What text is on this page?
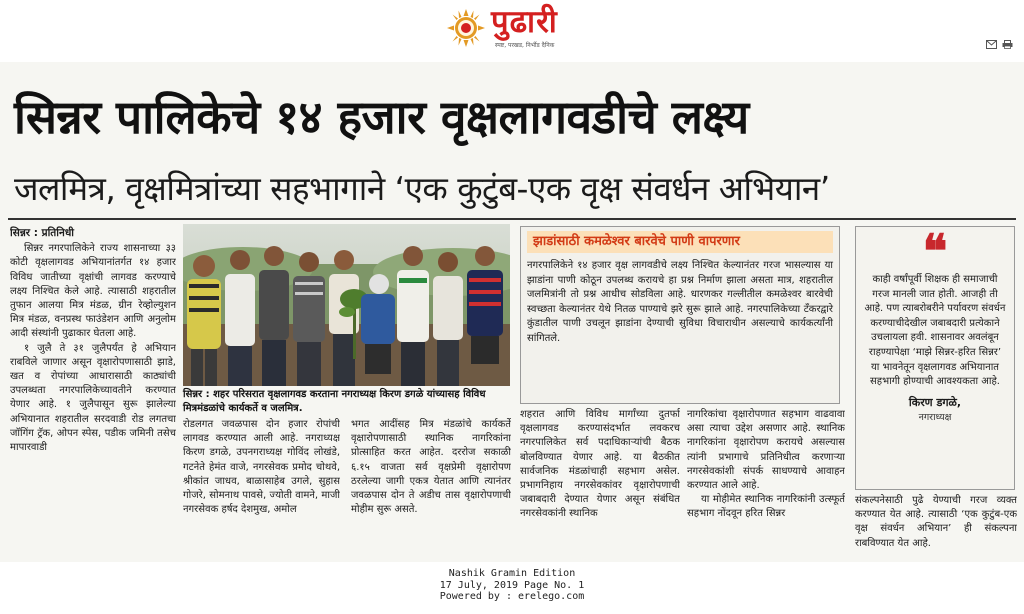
पुढारी
स्पष्ट, परखड, निर्भीड दैनिक
सिन्नर पालिकेचे १४ हजार वृक्षलागवडीचे लक्ष्य
जलमित्र, वृक्षमित्रांच्या सहभागाने ‘एक कुटुंब-एक वृक्ष संवर्धन अभियान’
सिन्नर : प्रतिनिधी

सिन्नर नगरपालिकेने राज्य शासनाच्या ३३ कोटी वृक्षलागवड अभियानांतर्गत १४ हजार विविध जातीच्या वृक्षांची लागवड करण्याचे लक्ष्य निश्चित केले आहे. त्यासाठी शहरातील तुफान आलया मित्र मंडळ, ग्रीन रेव्होल्युशन मित्र मंडळ, वनप्रस्थ फाउंडेशन आणि अनुलोम आदी संस्थांनी पुढाकार घेतला आहे.

१ जुलै ते ३१ जुलैपर्यंत हे अभियान राबविले जाणार असून वृक्षारोपणासाठी झाडे, खत व रोपांच्या आधारासाठी काठ्यांची उपलब्धता नगरपालिकेच्यावतीने करण्यात येणार आहे. १ जुलैपासून सुरू झालेल्या अभियानात शहरातील सरदवाडी रोड लगतचा जॉगिंग ट्रॅक, ओपन स्पेस, पडीक जमिनी तसेच मापारवाडी

सिन्नर : शहर परिसरात वृक्षलागवड करताना नगराध्यक्ष किरण डगळे यांच्यासह विविध मित्रमंडळांचे कार्यकर्ते व जलमित्र.

रोडलगत जवळपास दोन हजार रोपांची लागवड करण्यात आली आहे. नगराध्यक्ष किरण डगळे, उपनगराध्यक्ष गोविंद लोखंडे, गटनेते हेमंत वाजे, नगरसेवक प्रमोद चोथवे, श्रीकांत जाधव, बाळासाहेब उगले, सुहास गोजरे, सोमनाथ पावसे, ज्योती वामने, माजी नगरसेवक हर्षद देशमुख, अमोल

भगत आदींसह मित्र मंडळांचे कार्यकर्ते वृक्षारोपणासाठी स्थानिक नागरिकांना प्रोत्साहित करत आहेत. दररोज सकाळी ६.१५ वाजता सर्व वृक्षप्रेमी वृक्षारोपण ठरलेल्या जागी एकत्र येतात आणि त्यानंतर जवळपास दोन ते अडीच तास वृक्षारोपणाची मोहीम सुरू असते.

झाडांसाठी कमळेश्वर बारवेचे पाणी वापरणार
नगरपालिकेने १४ हजार वृक्ष लागवडीचे लक्ष्य निश्चित केल्यानंतर गरज भासल्यास या झाडांना पाणी कोठून उपलब्ध करायचे हा प्रश्न निर्माण झाला असता मात्र, शहरातील जलमित्रांनी तो प्रश्न आधीच सोडविला आहे. धारणकर गल्लीतील कमळेश्वर बारवेची स्वच्छता केल्यानंतर येथे नितळ पाण्याचे झरे सुरू झाले आहे. नगरपालिकेच्या टॅंकरद्वारे कुंडातील पाणी उचलून झाडांना देण्याची सुविधा विचाराधीन असल्याचे कार्यकर्त्यांनी सांगितले.

शहरात आणि विविध मार्गांच्या दुतर्फा वृक्षलागवड करण्यासंदर्भात लवकरच नगरपालिकेत सर्व पदाधिकाऱ्यांची बैठक बोलविण्यात येणार आहे. या बैठकीत सार्वजनिक मंडळांचाही सहभाग असेल. प्रभागनिहाय नगरसेवकांवर वृक्षारोपणाची जबाबदारी देण्यात येणार असून संबंधित नगरसेवकांनी स्थानिक

नागरिकांचा वृक्षारोपणात सहभाग वाढवावा असा त्याचा उद्देश असणार आहे. स्थानिक नागरिकांना वृक्षारोपण करायचे असल्यास त्यांनी प्रभागाचे प्रतिनिधीत्व करणाऱ्या नगरसेवकांशी संपर्क साधण्याचे आवाहन करण्यात आले आहे.

या मोहीमेत स्थानिक नागरिकांनी उत्स्फूर्त सहभाग नोंदवून हरित सिन्नर

❝
काही वर्षांपूर्वी शिक्षक ही समाजाची गरज मानली जात होती. आजही ती आहे. पण त्याबरोबरीने पर्यावरण संवर्धन करण्याचीदेखील जबाबदारी प्रत्येकाने उचलायला हवी. शासनावर अवलंबून राहण्यापेक्षा ‘माझे सिन्नर-हरित सिन्नर’ या भावनेतून वृक्षलागवड अभियानात सहभागी होण्याची आवश्यकता आहे.
किरण डगळे,
नगराध्यक्ष

संकल्पनेसाठी पुढे येण्याची गरज व्यक्त करण्यात येत आहे. त्यासाठी ‘एक कुटुंब-एक वृक्ष संवर्धन अभियान’ ही संकल्पना राबविण्यात येत आहे.

Nashik Gramin Edition
17 July, 2019 Page No. 1
Powered by : erelego.com
